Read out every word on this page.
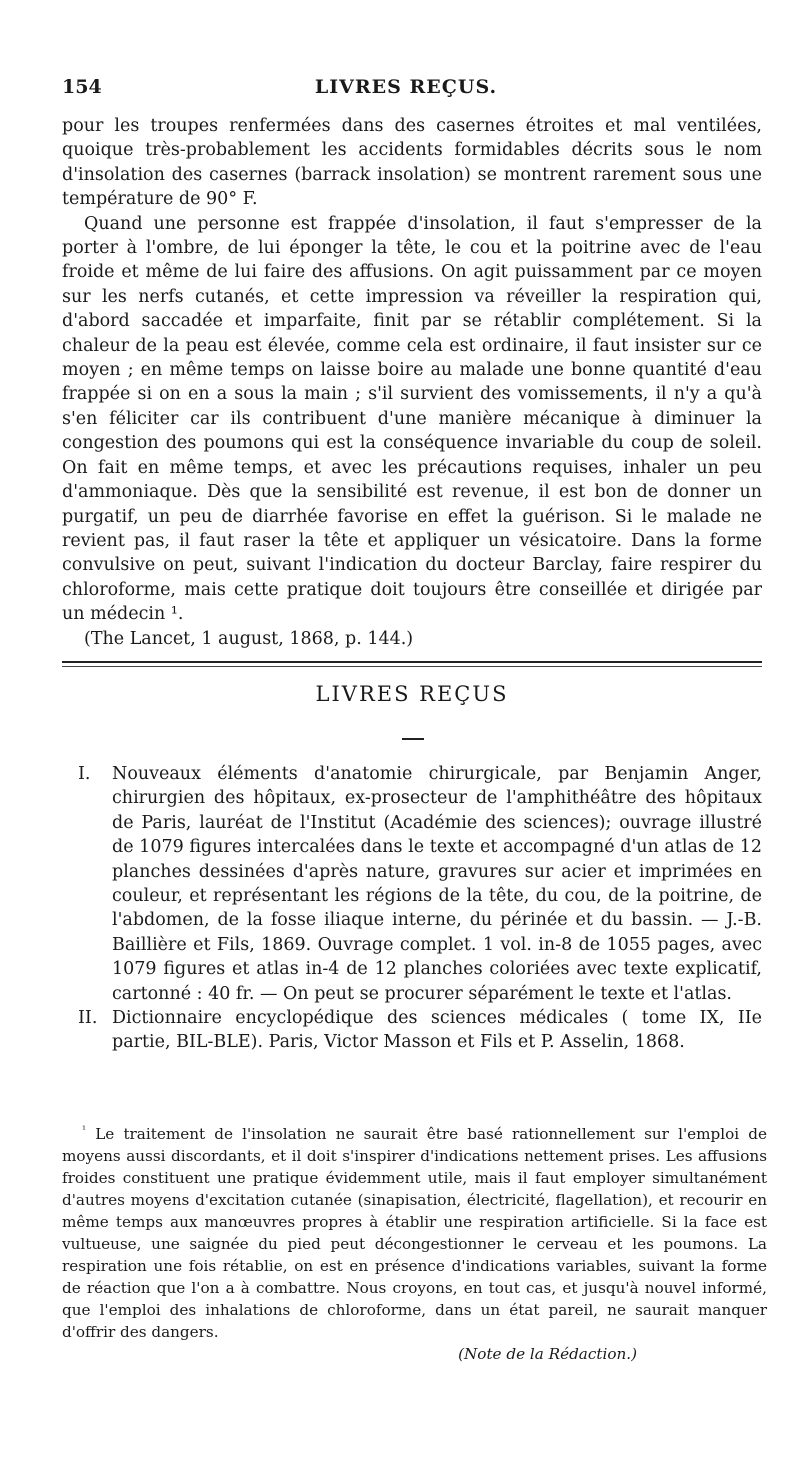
154	LIVRES REÇUS.

pour les troupes renfermées dans des casernes étroites et mal ventilées, quoique très-probablement les accidents formidables décrits sous le nom d'insolation des casernes (barrack insolation) se montrent rarement sous une température de 90° F.

Quand une personne est frappée d'insolation, il faut s'empresser de la porter à l'ombre, de lui éponger la tête, le cou et la poitrine avec de l'eau froide et même de lui faire des affusions. On agit puissamment par ce moyen sur les nerfs cutanés, et cette impression va réveiller la respiration qui, d'abord saccadée et imparfaite, finit par se rétablir complétement. Si la chaleur de la peau est élevée, comme cela est ordinaire, il faut insister sur ce moyen ; en même temps on laisse boire au malade une bonne quantité d'eau frappée si on en a sous la main ; s'il survient des vomissements, il n'y a qu'à s'en féliciter car ils contribuent d'une manière mécanique à diminuer la congestion des poumons qui est la conséquence invariable du coup de soleil. On fait en même temps, et avec les précautions requises, inhaler un peu d'ammoniaque. Dès que la sensibilité est revenue, il est bon de donner un purgatif, un peu de diarrhée favorise en effet la guérison. Si le malade ne revient pas, il faut raser la tête et appliquer un vésicatoire. Dans la forme convulsive on peut, suivant l'indication du docteur Barclay, faire respirer du chloroforme, mais cette pratique doit toujours être conseillée et dirigée par un médecin ¹.

(The Lancet, 1 august, 1868, p. 144.)

LIVRES REÇUS
I. Nouveaux éléments d'anatomie chirurgicale, par Benjamin Anger, chirurgien des hôpitaux, ex-prosecteur de l'amphithéâtre des hôpitaux de Paris, lauréat de l'Institut (Académie des sciences); ouvrage illustré de 1079 figures intercalées dans le texte et accompagné d'un atlas de 12 planches dessinées d'après nature, gravures sur acier et imprimées en couleur, et représentant les régions de la tête, du cou, de la poitrine, de l'abdomen, de la fosse iliaque interne, du périnée et du bassin. — J.-B. Baillière et Fils, 1869. Ouvrage complet. 1 vol. in-8 de 1055 pages, avec 1079 figures et atlas in-4 de 12 planches coloriées avec texte explicatif, cartonné : 40 fr. — On peut se procurer séparément le texte et l'atlas.
II. Dictionnaire encyclopédique des sciences médicales ( tome IX, IIe partie, BIL-BLE). Paris, Victor Masson et Fils et P. Asselin, 1868.

$^{^1}$ Le traitement de l'insolation ne saurait être basé rationnellement sur l'emploi de moyens aussi discordants, et il doit s'inspirer d'indications nettement prises. Les affusions froides constituent une pratique évidemment utile, mais il faut employer simultanément d'autres moyens d'excitation cutanée (sinapisation, électricité, flagellation), et recourir en même temps aux manœuvres propres à établir une respiration artificielle. Si la face est vultueuse, une saignée du pied peut décongestionner le cerveau et les poumons. La respiration une fois rétablie, on est en présence d'indications variables, suivant la forme de réaction que l'on a à combattre. Nous croyons, en tout cas, et jusqu'à nouvel informé, que l'emploi des inhalations de chloroforme, dans un état pareil, ne saurait manquer d'offrir des dangers.

(Note de la Rédaction.)
